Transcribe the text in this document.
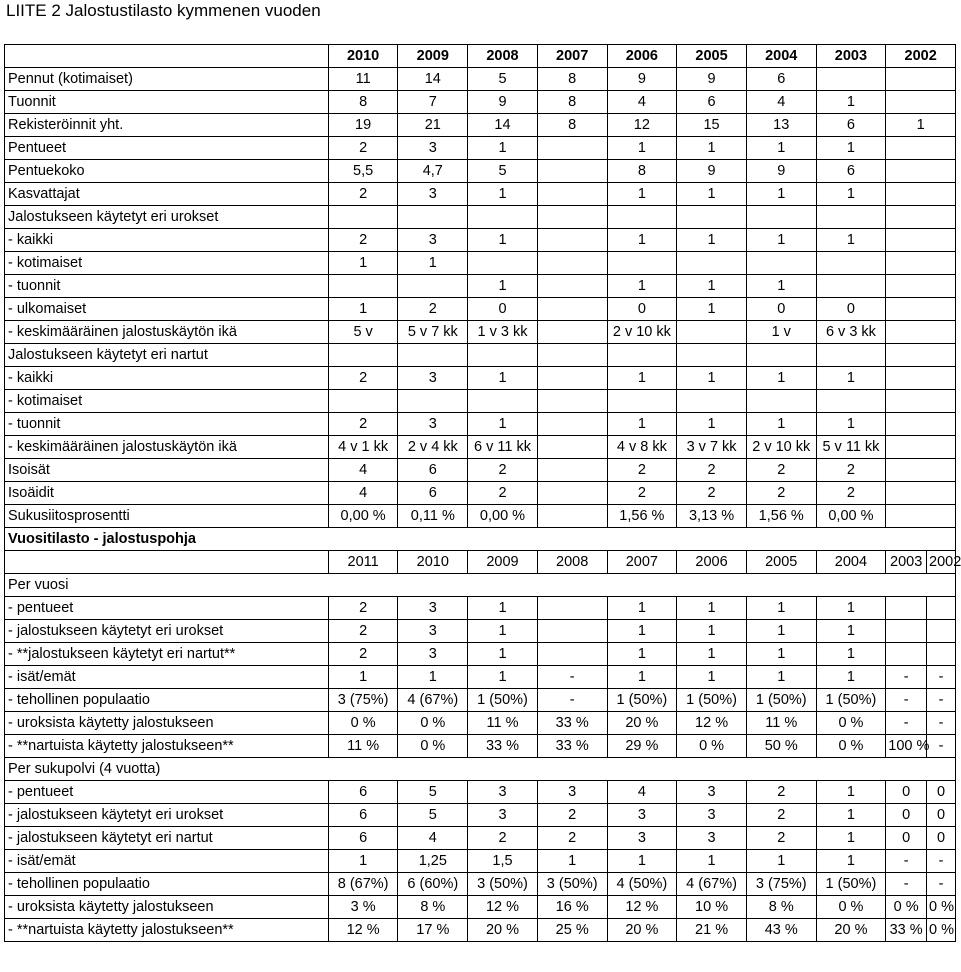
LIITE 2 Jalostustilasto kymmenen vuoden
	2010	2009	2008	2007	2006	2005	2004	2003	2002	
Pennut (kotimaiset)	11	14	5	8	9	9	6			
Tuonnit	8	7	9	8	4	6	4	1		
Rekisteröinnit yht.	19	21	14	8	12	15	13	6	1	
Pentueet	2	3	1		1	1	1	1		
Pentuekoko	5,5	4,7	5		8	9	9	6		
Kasvattajat	2	3	1		1	1	1	1		
Jalostukseen käytetyt eri urokset										
- kaikki	2	3	1		1	1	1	1		
- kotimaiset	1	1								
- tuonnit			1		1	1	1			
- ulkomaiset	1	2	0		0	1	0	0		
- keskimääräinen jalostuskäytön ikä	5 v	5 v 7 kk	1 v 3 kk		2 v 10 kk		1 v	6 v 3 kk		
Jalostukseen käytetyt eri nartut										
- kaikki	2	3	1		1	1	1	1		
- kotimaiset										
- tuonnit	2	3	1		1	1	1	1		
- keskimääräinen jalostuskäytön ikä	4 v 1 kk	2 v 4 kk	6 v 11 kk		4 v 8 kk	3 v 7 kk	2 v 10 kk	5 v 11 kk		
Isoisät	4	6	2		2	2	2	2		
Isoäidit	4	6	2		2	2	2	2		
Sukusiitosprosentti	0,00 %	0,11 %	0,00 %		1,56 %	3,13 %	1,56 %	0,00 %		
Vuositilasto - jalostuspohja										
	2011	2010	2009	2008	2007	2006	2005	2004	2003	2002
Per vuosi										
- pentueet	2	3	1		1	1	1	1		
- jalostukseen käytetyt eri urokset	2	3	1		1	1	1	1		
- **jalostukseen käytetyt eri nartut**	2	3	1		1	1	1	1		
- isät/emät	1	1	1	-	1	1	1	1	-	-
- tehollinen populaatio	3 (75%)	4 (67%)	1 (50%)	-	1 (50%)	1 (50%)	1 (50%)	1 (50%)	-	-
- uroksista käytetty jalostukseen	0 %	0 %	11 %	33 %	20 %	12 %	11 %	0 %	-	-
- **nartuista käytetty jalostukseen**	11 %	0 %	33 %	33 %	29 %	0 %	50 %	0 %	100 %	-
Per sukupolvi (4 vuotta)										
- pentueet	6	5	3	3	4	3	2	1	0	0
- jalostukseen käytetyt eri urokset	6	5	3	2	3	3	2	1	0	0
- jalostukseen käytetyt eri nartut	6	4	2	2	3	3	2	1	0	0
- isät/emät	1	1,25	1,5	1	1	1	1	1	-	-
- tehollinen populaatio	8 (67%)	6 (60%)	3 (50%)	3 (50%)	4 (50%)	4 (67%)	3 (75%)	1 (50%)	-	-
- uroksista käytetty jalostukseen	3 %	8 %	12 %	16 %	12 %	10 %	8 %	0 %	0 %	0 %
- **nartuista käytetty jalostukseen**	12 %	17 %	20 %	25 %	20 %	21 %	43 %	20 %	33 %	0 %
